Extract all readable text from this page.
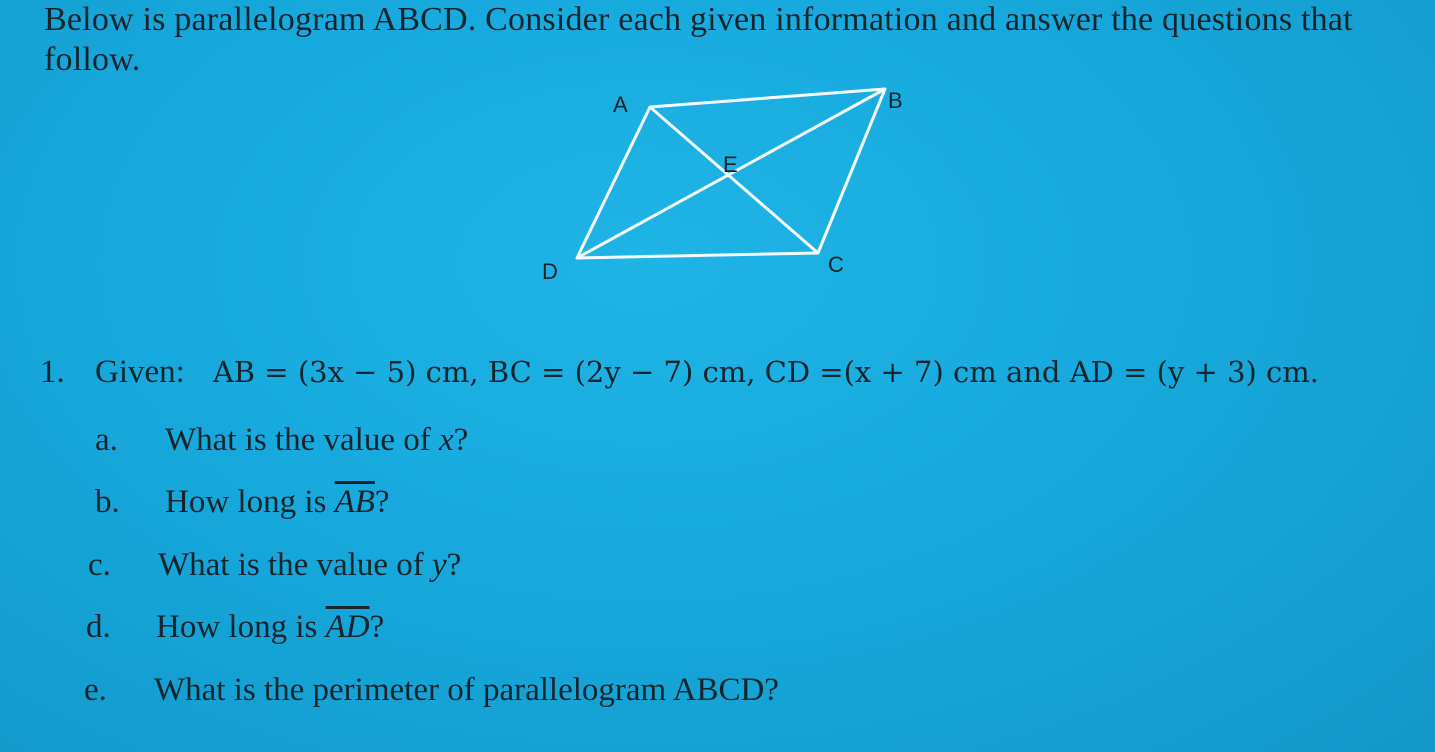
Below is parallelogram ABCD. Consider each given information and answer the questions that
follow.
A	B
C
D
E
1. Given: AB = (3x − 5) cm, BC = (2y − 7) cm, CD =(x + 7) cm and AD = (y + 3) cm.
a. What is the value of x?
b. How long is $\overline{AB}$?
c. What is the value of y?
d. How long is $\overline{AD}$?
e. What is the perimeter of parallelogram ABCD?
